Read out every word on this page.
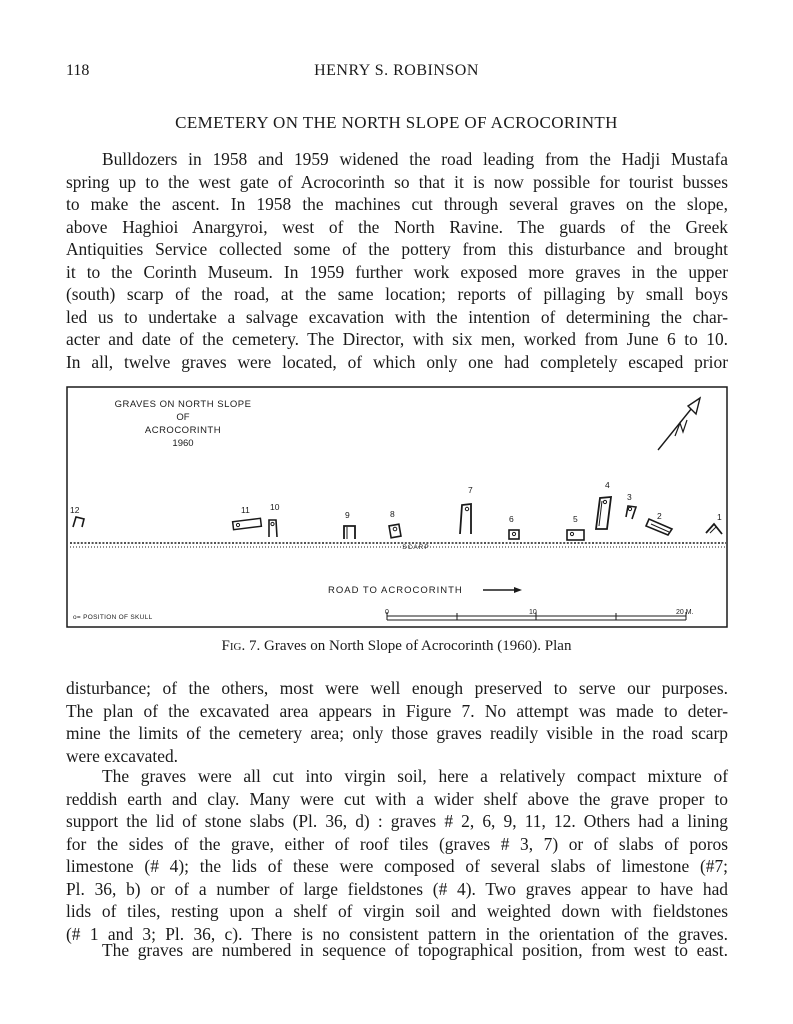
118	HENRY S. ROBINSON
CEMETERY ON THE NORTH SLOPE OF ACROCORINTH

Bulldozers in 1958 and 1959 widened the road leading from the Hadji Mustafa
spring up to the west gate of Acrocorinth so that it is now possible for tourist busses
to make the ascent. In 1958 the machines cut through several graves on the slope,
above Haghioi Anargyroi, west of the North Ravine. The guards of the Greek
Antiquities Service collected some of the pottery from this disturbance and brought
it to the Corinth Museum. In 1959 further work exposed more graves in the upper
(south) scarp of the road, at the same location; reports of pillaging by small boys
led us to undertake a salvage excavation with the intention of determining the char-
acter and date of the cemetery. The Director, with six men, worked from June 6 to 10.
In all, twelve graves were located, of which only one had completely escaped prior

GRAVES ON NORTH SLOPE
OF
ACROCORINTH
1960
SCARP
12	11 10
9	8
7
6	5
4
3
2	1
ROAD TO ACROCORINTH
o= POSITION OF SKULL
0	10	20 M.
Fig. 7. Graves on North Slope of Acrocorinth (1960). Plan

disturbance; of the others, most were well enough preserved to serve our purposes.
The plan of the excavated area appears in Figure 7. No attempt was made to deter-
mine the limits of the cemetery area; only those graves readily visible in the road scarp
were excavated.

The graves were all cut into virgin soil, here a relatively compact mixture of
reddish earth and clay. Many were cut with a wider shelf above the grave proper to
support the lid of stone slabs (Pl. 36, d) : graves # 2, 6, 9, 11, 12. Others had a lining
for the sides of the grave, either of roof tiles (graves # 3, 7) or of slabs of poros
limestone (# 4); the lids of these were composed of several slabs of limestone (#7;
Pl. 36, b) or of a number of large fieldstones (# 4). Two graves appear to have had
lids of tiles, resting upon a shelf of virgin soil and weighted down with fieldstones
(# 1 and 3; Pl. 36, c). There is no consistent pattern in the orientation of the graves.

The graves are numbered in sequence of topographical position, from west to east.
